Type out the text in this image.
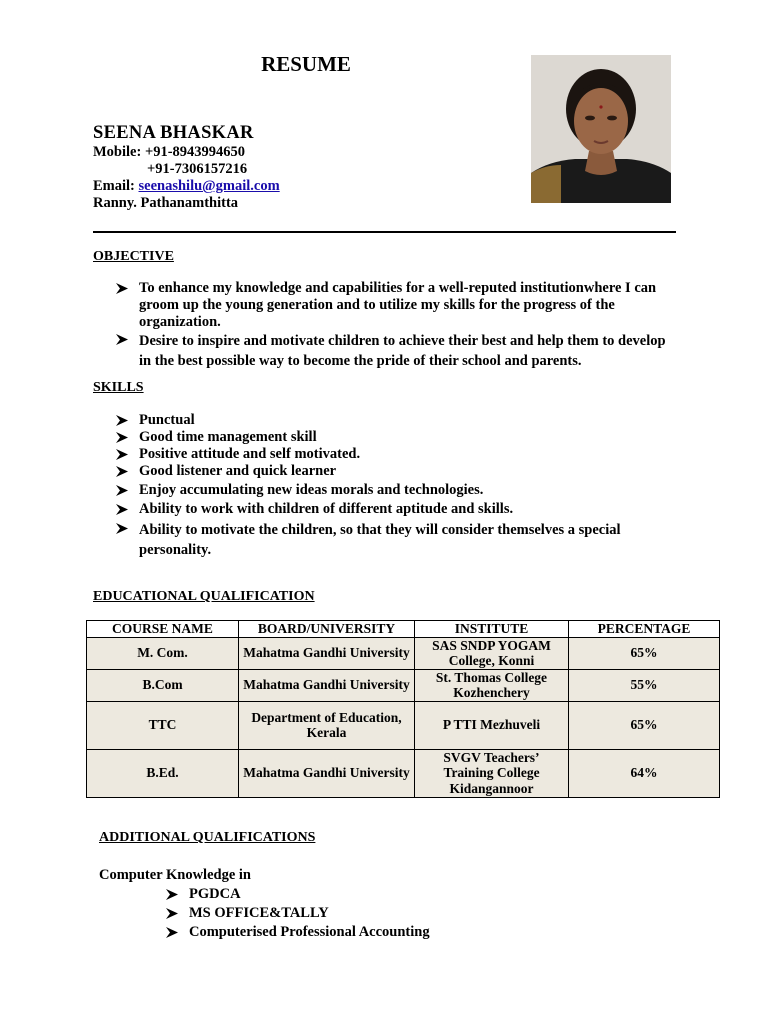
RESUME
SEENA BHASKAR
Mobile: +91-8943994650
+91-7306157216
Email: seenashilu@gmail.com
Ranny. Pathanamthitta
OBJECTIVE
To enhance my knowledge and capabilities for a well-reputed institutionwhere I can groom up the young generation and to utilize my skills for the progress of the organization.
Desire to inspire and motivate children to achieve their best and help them to develop in the best possible way to become the pride of their school and parents.
SKILLS
Punctual
Good time management skill
Positive attitude and self motivated.
Good listener and quick learner
Enjoy accumulating new ideas morals and technologies.
Ability to work with children of different aptitude and skills.
Ability to motivate the children, so that they will consider themselves a special personality.
EDUCATIONAL QUALIFICATION
COURSE NAME	BOARD/UNIVERSITY	INSTITUTE	PERCENTAGE
M. Com.	Mahatma Gandhi University	SAS SNDP YOGAM College, Konni	65%
B.Com	Mahatma Gandhi University	St. Thomas College Kozhenchery	55%
TTC	Department of Education, Kerala	P TTI Mezhuveli	65%
B.Ed.	Mahatma Gandhi University	SVGV Teachers’ Training College Kidangannoor	64%
ADDITIONAL QUALIFICATIONS
Computer Knowledge in
PGDCA
MS OFFICE&TALLY
Computerised Professional Accounting
